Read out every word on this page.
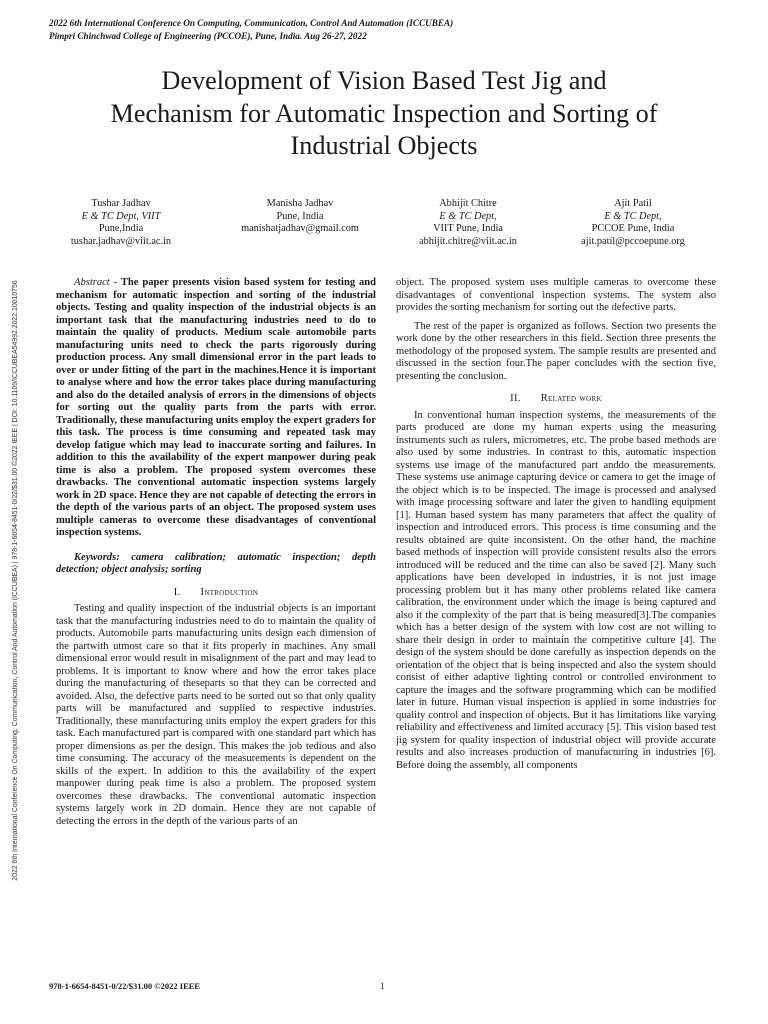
2022 6th International Conference On Computing, Communication, Control And Automation (ICCUBEA)
Pimpri Chinchwad College of Engineering (PCCOE), Pune, India. Aug 26-27, 2022
Development of Vision Based Test Jig and
Mechanism for Automatic Inspection and Sorting of
Industrial Objects
Tushar Jadhav
E & TC Dept, VIIT
Pune,India
tushar.jadhav@viit.ac.in
Manisha Jadhav
Pune, India
manishatjadhav@gmail.com
Abhijit Chitre
E & TC Dept,
VIIT Pune, India
abhijit.chitre@viit.ac.in
Ajit Patil
E & TC Dept,
PCCOE Pune, India
ajit.patil@pccoepune.org

Abstract - The paper presents vision based system for testing and mechanism for automatic inspection and sorting of the industrial objects. Testing and quality inspection of the industrial objects is an important task that the manufacturing industries need to do to maintain the quality of products. Medium scale automobile parts manufacturing units need to check the parts rigorously during production process. Any small dimensional error in the part leads to over or under fitting of the part in the machines.Hence it is important to analyse where and how the error takes place during manufacturing and also do the detailed analysis of errors in the dimensions of objects for sorting out the quality parts from the parts with error. Traditionally, these manufacturing units employ the expert graders for this task. The process is time consuming and repeated task may develop fatigue which may lead to inaccurate sorting and failures. In addition to this the availability of the expert manpower during peak time is also a problem. The proposed system overcomes these drawbacks. The conventional automatic inspection systems largely work in 2D space. Hence they are not capable of detecting the errors in the depth of the various parts of an object. The proposed system uses multiple cameras to overcome these disadvantages of conventional inspection systems.

Keywords: camera calibration; automatic inspection; depth detection; object analysis; sorting

I. Introduction

Testing and quality inspection of the industrial objects is an important task that the manufacturing industries need to do to maintain the quality of products. Automobile parts manufacturing units design each dimension of the partwith utmost care so that it fits properly in machines. Any small dimensional error would result in misalignment of the part and may lead to problems. It is important to know where and how the error takes place during the manufacturing of theseparts so that they can be corrected and avoided. Also, the defective parts need to be sorted out so that only quality parts will be manufactured and supplied to respective industries. Traditionally, these manufacturing units employ the expert graders for this task. Each manufactured part is compared with one standard part which has proper dimensions as per the design. This makes the job tedious and also time consuming. The accuracy of the measurements is dependent on the skills of the expert. In addition to this the availability of the expert manpower during peak time is also a problem. The proposed system overcomes these drawbacks. The conventional automatic inspection systems largely work in 2D domain. Hence they are not capable of detecting the errors in the depth of the various parts of an

object. The proposed system uses multiple cameras to overcome these disadvantages of conventional inspection systems. The system also provides the sorting mechanism for sorting out the defective parts.

The rest of the paper is organized as follows. Section two presents the work done by the other researchers in this field. Section three presents the methodology of the proposed system. The sample results are presented and discussed in the section four.The paper concludes with the section five, presenting the conclusion.

II. Related work

In conventional human inspection systems, the measurements of the parts produced are done my human experts using the measuring instruments such as rulers, micrometres, etc. The probe based methods are also used by some industries. In contrast to this, automatic inspection systems use image of the manufactured part anddo the measurements. These systems use animage capturing device or camera to get the image of the object which is to be inspected. The image is processed and analysed with image processing software and later the given to handling equipment [1]. Human based system has many parameters that affect the quality of inspection and introduced errors. This process is time consuming and the results obtained are quite inconsistent. On the other hand, the machine based methods of inspection will provide consistent results also the errors introduced will be reduced and the time can also be saved [2]. Many such applications have been developed in industries, it is not just image processing problem but it has many other problems related like camera calibration, the environment under which the image is being captured and also it the complexity of the part that is being measured[3].The companies which has a better design of the system with low cost are not willing to share their design in order to maintain the competitive culture [4]. The design of the system should be done carefully as inspection depends on the orientation of the object that is being inspected and also the system should consist of either adaptive lighting control or controlled environment to capture the images and the software programming which can be modified later in future. Human visual inspection is applied in some industries for quality control and inspection of objects. But it has limitations like varying reliability and effectiveness and limited accuracy [5]. This vision based test jig system for quality inspection of industrial object will provide accurate results and also increases production of manufacturing in industries [6]. Before doing the assembly, all components

2022 6th International Conference On Computing, Communication, Control And Automation (ICCUBEA) | 978-1-6654-8451-0/22/$31.00 ©2022 IEEE | DOI: 10.1109/ICCUBEA54992.2022.10010756
978-1-6654-8451-0/22/$31.00 ©2022 IEEE	1
